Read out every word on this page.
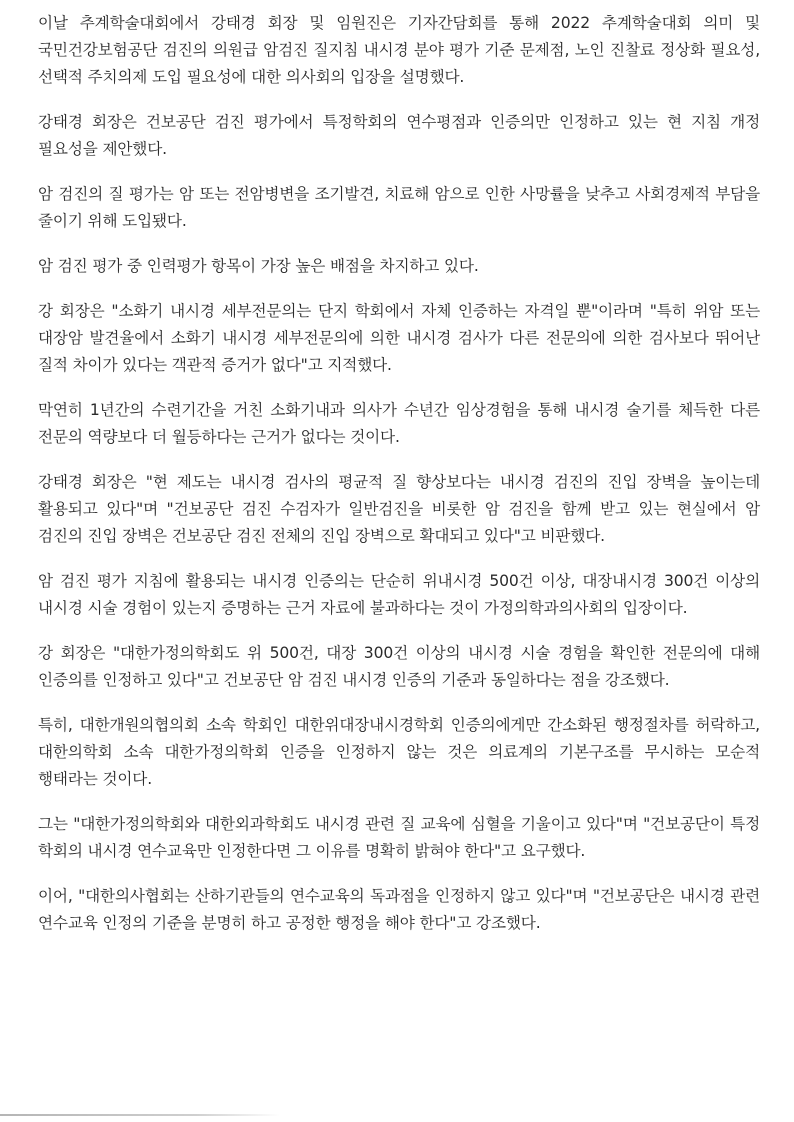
이날 추계학술대회에서 강태경 회장 및 임원진은 기자간담회를 통해 2022 추계학술대회 의미 및 국민건강보험공단 검진의 의원급 암검진 질지침 내시경 분야 평가 기준 문제점, 노인 진찰료 정상화 필요성, 선택적 주치의제 도입 필요성에 대한 의사회의 입장을 설명했다.

강태경 회장은 건보공단 검진 평가에서 특정학회의 연수평점과 인증의만 인정하고 있는 현 지침 개정 필요성을 제안했다.

암 검진의 질 평가는 암 또는 전암병변을 조기발견, 치료해 암으로 인한 사망률을 낮추고 사회경제적 부담을 줄이기 위해 도입됐다.

암 검진 평가 중 인력평가 항목이 가장 높은 배점을 차지하고 있다.

강 회장은 "소화기 내시경 세부전문의는 단지 학회에서 자체 인증하는 자격일 뿐"이라며 "특히 위암 또는 대장암 발견율에서 소화기 내시경 세부전문의에 의한 내시경 검사가 다른 전문의에 의한 검사보다 뛰어난 질적 차이가 있다는 객관적 증거가 없다"고 지적했다.

막연히 1년간의 수련기간을 거친 소화기내과 의사가 수년간 임상경험을 통해 내시경 술기를 체득한 다른 전문의 역량보다 더 월등하다는 근거가 없다는 것이다.

강태경 회장은 "현 제도는 내시경 검사의 평균적 질 향상보다는 내시경 검진의 진입 장벽을 높이는데 활용되고 있다"며 "건보공단 검진 수검자가 일반검진을 비롯한 암 검진을 함께 받고 있는 현실에서 암 검진의 진입 장벽은 건보공단 검진 전체의 진입 장벽으로 확대되고 있다"고 비판했다.

암 검진 평가 지침에 활용되는 내시경 인증의는 단순히 위내시경 500건 이상, 대장내시경 300건 이상의 내시경 시술 경험이 있는지 증명하는 근거 자료에 불과하다는 것이 가정의학과의사회의 입장이다.

강 회장은 "대한가정의학회도 위 500건, 대장 300건 이상의 내시경 시술 경험을 확인한 전문의에 대해 인증의를 인정하고 있다"고 건보공단 암 검진 내시경 인증의 기준과 동일하다는 점을 강조했다.

특히, 대한개원의협의회 소속 학회인 대한위대장내시경학회 인증의에게만 간소화된 행정절차를 허락하고, 대한의학회 소속 대한가정의학회 인증을 인정하지 않는 것은 의료계의 기본구조를 무시하는 모순적 행태라는 것이다.

그는 "대한가정의학회와 대한외과학회도 내시경 관련 질 교육에 심혈을 기울이고 있다"며 "건보공단이 특정 학회의 내시경 연수교육만 인정한다면 그 이유를 명확히 밝혀야 한다"고 요구했다.

이어, "대한의사협회는 산하기관들의 연수교육의 독과점을 인정하지 않고 있다"며 "건보공단은 내시경 관련 연수교육 인정의 기준을 분명히 하고 공정한 행정을 해야 한다"고 강조했다.
